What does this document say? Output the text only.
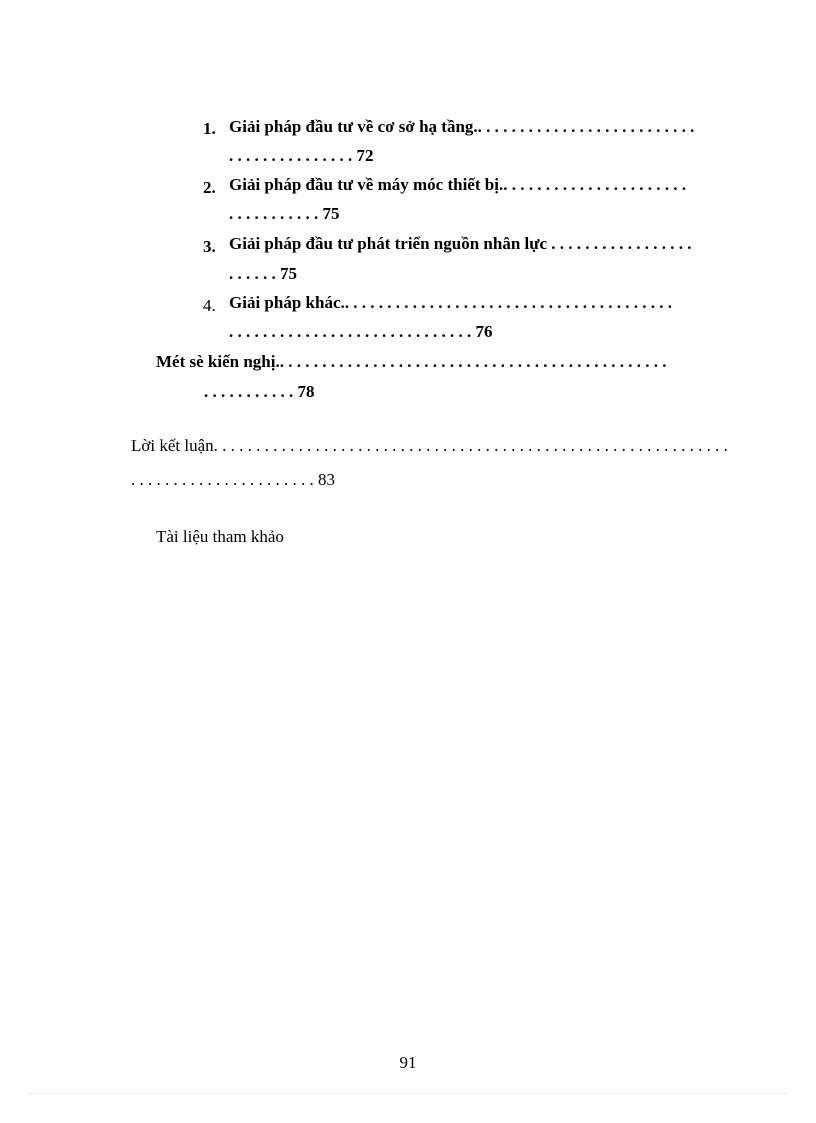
1. Giải pháp đầu tư về cơ sở hạ tầng.. . . . . . . . . . . . . . . . . . . . . . . . . .
. . . . . . . . . . . . . . . 72
2. Giải pháp đầu tư về máy móc thiết bị.. . . . . . . . . . . . . . . . . . . . . .
. . . . . . . . . . . 75
3. Giải pháp đầu tư phát triển nguồn nhân lực . . . . . . . . . . . . . . . . .
. . . . . . 75
4. Giải pháp khác.. . . . . . . . . . . . . . . . . . . . . . . . . . . . . . . . . . . . . . .
. . . . . . . . . . . . . . . . . . . . . . . . . . . . . 76
Mét sè kiến nghị.. . . . . . . . . . . . . . . . . . . . . . . . . . . . . . . . . . . . . . . . . . . . . .
. . . . . . . . . . . 78
Lời kết luận. . . . . . . . . . . . . . . . . . . . . . . . . . . . . . . . . . . . . . . . . . . . . . . . . . . . . . . . . . . . .
. . . . . . . . . . . . . . . . . . . . . . 83
Tài liệu tham khảo
91
